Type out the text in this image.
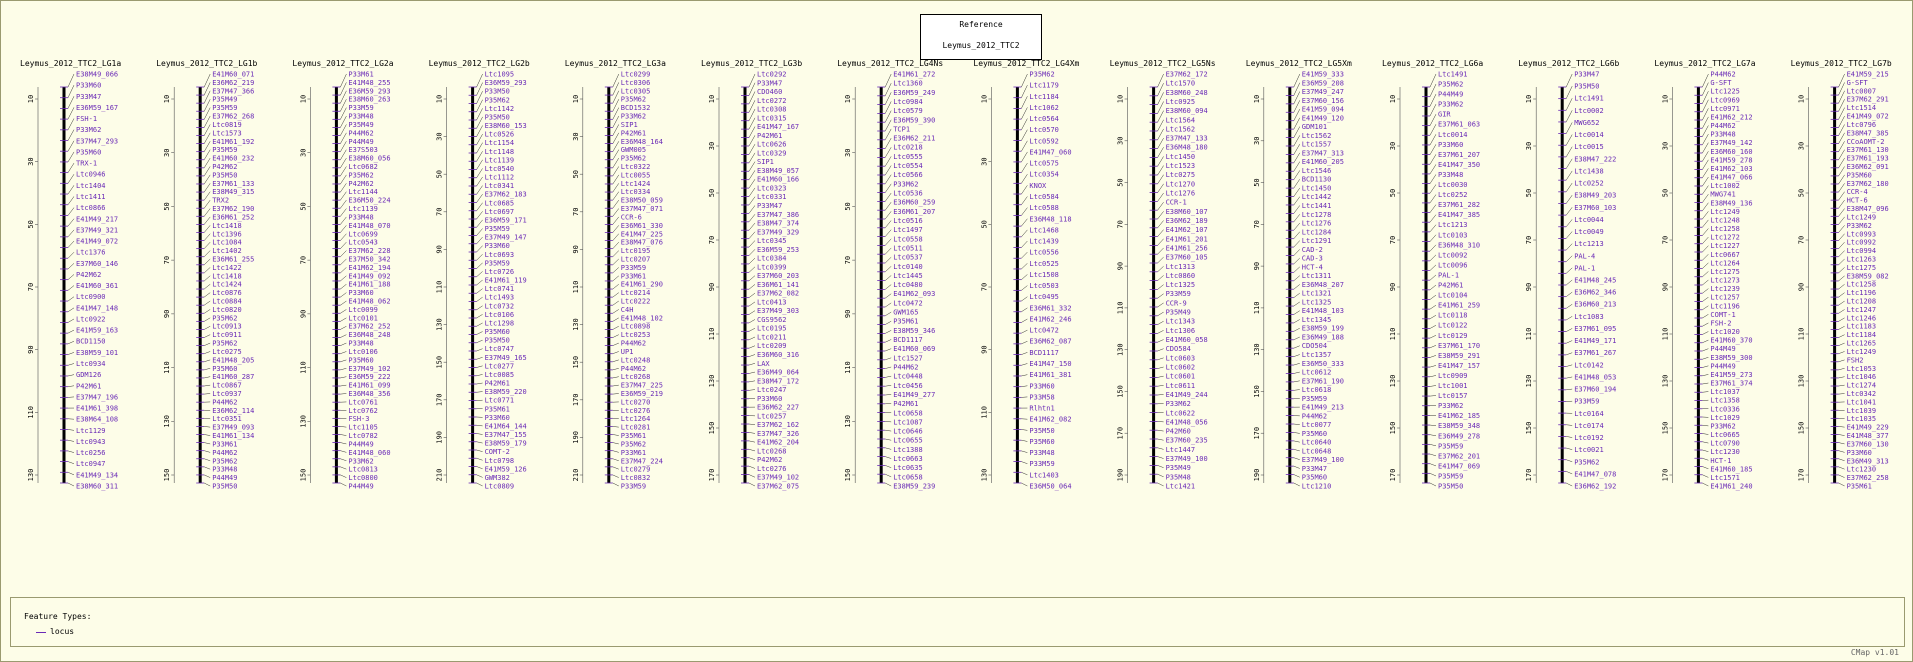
Reference
Leymus_2012_TTC2
Leymus_2012_TTC2_LG1a
10
30
50
70
90
110
130
E38M49_066
P33M60
P33M47
E36M59_167
FSH-1
P33M62
E37M47_293
P35M60
TRX-1
Ltc0946
Ltc1404
Ltc1411
Ltc0866
E41M49_217
E37M49_321
E41M49_072
Ltc1376
E37M60_146
P42M62
E41M60_361
Ltc0900
E41M47_148
Ltc0922
E41M59_163
BCD1150
E38M59_101
Ltc0934
GDM126
P42M61
E37M47_196
E41M61_398
E38M64_108
Ltc1129
Ltc0943
Ltc0256
Ltc0947
E41M49_134
E38M60_311
Leymus_2012_TTC2_LG1b
10
30
50
70
90
110
130
150
E41M60_071
E36M62_219
E37M47_366
P35M49
P35M59
E37M62_268
Ltc0819
Ltc1573
E41M61_192
P35M59
E41M60_232
P42M62
P35M50
E37M61_133
E38M49_315
TRX2
E37M62_190
E36M61_252
Ltc1418
Ltc1396
Ltc1084
Ltc1402
E36M61_255
Ltc1422
Ltc1418
Ltc1424
Ltc0876
Ltc0884
Ltc0820
P35M62
Ltc0913
Ltc0911
P35M62
Ltc0275
E41M48_205
P35M60
E41M60_287
Ltc0867
Ltc0937
P44M62
E36M62_114
Ltc0351
E37M49_093
E41M61_134
P33M61
P44M62
P35M62
P33M48
P44M49
P35M50
Leymus_2012_TTC2_LG2a
10
30
50
70
90
110
130
150
P33M61
E41M48_255
E36M59_293
E38M60_263
P33M59
P33M48
P35M49
P44M62
P44M49
E37S503
E38M60_056
Ltc0682
P35M62
P42M62
Ltc1144
E36M50_224
Ltc1139
P33M48
E41M48_070
Ltc0699
Ltc0543
E37M62_228
E37M50_342
E41M62_194
E41M49_092
E41M61_188
P33M60
E41M48_062
Ltc0099
Ltc0101
E37M62_252
E36M48_248
P33M48
Ltc0106
P35M60
E37M49_102
E36M59_222
E41M61_099
E36M48_356
Ltc0761
Ltc0762
FSH-3
Ltc1105
Ltc0782
P44M49
E41M48_060
P33M62
Ltc0813
Ltc0800
P44M49
Leymus_2012_TTC2_LG2b
10
30
50
70
90
110
130
150
170
190
210
Ltc1095
E36M59_293
P33M50
P35M62
Ltc1142
P35M50
E38M60_153
Ltc0526
Ltc1154
Ltc1148
Ltc1139
Ltc0540
Ltc1112
Ltc0341
E37M62_183
Ltc0685
Ltc0697
E36M59_171
P35M59
E37M49_147
P33M60
Ltc0693
P35M59
Ltc0726
E41M61_119
Ltc0741
Ltc1493
Ltc0732
Ltc0106
Ltc1298
P35M60
P35M50
Ltc0747
E37M49_165
Ltc0277
Ltc0085
P42M61
E38M59_220
Ltc0771
P35M61
P33M60
E41M64_144
E37M47_155
E38M59_179
COMT-2
Ltc0798
E41M59_126
GWM382
Ltc0809
Leymus_2012_TTC2_LG3a
10
30
50
70
90
110
130
150
170
190
210
Ltc0299
Ltc0306
Ltc0305
P35M62
BCD1532
P33M62
SIP1
P42M61
E36M48_164
GWM005
P35M62
Ltc0322
Ltc0055
Ltc1424
Ltc0334
E38M50_059
E37M47_071
CCR-6
E36M61_330
E41M47_225
E38M47_076
Ltc0195
Ltc0207
P33M59
P33M61
E41M61_290
Ltc0214
Ltc0222
C4H
E41M48_102
Ltc0898
Ltc0253
P44M62
UP1
Ltc0248
P44M62
Ltc0268
E37M47_225
E36M59_219
Ltc0270
Ltc0276
Ltc1264
Ltc0281
P35M61
P35M62
P33M61
E37M47_224
Ltc0279
Ltc0832
P33M59
Leymus_2012_TTC2_LG3b
10
30
50
70
90
110
130
150
170
Ltc0292
P33M47
CDO460
Ltc0272
Ltc0308
Ltc0315
E41M47_167
P42M61
Ltc0626
Ltc0329
SIP1
E38M49_057
E41M60_166
Ltc0323
Ltc0331
P33M47
E37M47_386
E38M47_374
E37M49_329
Ltc0345
E36M59_253
Ltc0384
Ltc0399
E37M60_203
E36M61_141
E37M62_082
Ltc0413
E37M49_303
CGS9562
Ltc0195
Ltc0211
Ltc0209
E36M60_316
LAX
E36M49_064
E38M47_172
Ltc0247
P33M60
E36M62_227
Ltc0257
E37M62_162
E37M47_326
E41M62_204
Ltc0268
P42M62
Ltc0276
E37M49_102
E37M62_075
Leymus_2012_TTC2_LG4Ns
10
30
50
70
90
110
130
150
E41M61_272
Ltc1360
E36M59_249
Ltc0984
Ltc0579
E36M59_390
TCP1
E36M62_211
Ltc0218
Ltc0555
Ltc0554
Ltc0566
P33M62
Ltc0536
E36M60_259
E36M61_207
Ltc0516
Ltc1497
Ltc0558
Ltc0511
Ltc0537
Ltc0140
Ltc1445
Ltc0480
E41M62_093
Ltc0472
GWM165
P35M61
E38M59_346
BCD1117
E41M60_069
Ltc1527
P44M62
Ltc0448
Ltc0456
E41M49_277
P42M61
Ltc0658
Ltc1087
Ltc0646
Ltc0655
Ltc1388
Ltc0663
Ltc0635
Ltc0658
E38M59_239
Leymus_2012_TTC2_LG4Xm
10
30
50
70
90
110
130
P35M62
Ltc1179
Ltc1184
Ltc1062
Ltc0564
Ltc0570
Ltc0592
E41M47_060
Ltc0575
Ltc0354
KNOX
Ltc0584
Ltc0588
E36M48_118
Ltc1468
Ltc1439
Ltc0556
Ltc0525
Ltc1508
Ltc0503
Ltc0495
E36M61_332
E41M62_246
Ltc0472
E36M62_087
BCD1117
E41M47_150
E41M61_381
P33M60
P33M58
Rlhtn1
E41M62_082
P35M50
P35M60
P33M48
P33M59
Ltc1403
E36M50_064
Leymus_2012_TTC2_LG5Ns
10
30
50
70
90
110
130
150
170
190
E37M62_172
Ltc1570
E38M60_248
Ltc0925
E38M60_094
Ltc1564
Ltc1562
E37M47_133
E36M48_180
Ltc1450
Ltc1523
Ltc0275
Ltc1270
Ltc1276
CCR-1
E38M60_107
E36M62_189
E41M62_107
E41M61_201
E41M61_256
E37M60_105
Ltc1313
Ltc0860
Ltc1325
P33M59
CCR-9
P35M49
Ltc1343
Ltc1306
E41M60_058
CDO584
Ltc0603
Ltc0602
Ltc0601
Ltc0611
E41M49_244
P33M62
Ltc0622
E41M48_056
P42M60
E37M60_235
Ltc1447
E37M49_100
P35M49
P35M48
Ltc1421
Leymus_2012_TTC2_LG5Xm
10
30
50
70
90
110
130
150
170
190
E41M59_333
E36M59_208
E37M49_247
E37M60_156
E41M59_094
E41M49_120
GDM101
Ltc1562
Ltc1557
E37M47_313
E41M60_205
Ltc1546
BCD1130
Ltc1450
Ltc1442
Ltc1441
Ltc1278
Ltc1276
Ltc1284
Ltc1291
CAD-2
CAD-3
HCT-4
Ltc1311
E36M48_207
Ltc1321
Ltc1325
E41M48_103
Ltc1345
E38M59_199
E36M49_188
CDO504
Ltc1357
E36M50_333
Ltc0612
E37M61_190
Ltc0618
P35M59
E41M49_213
P44M62
Ltc0077
P35M60
Ltc0640
Ltc0648
E37M49_100
P33M47
P35M60
Ltc1210
Leymus_2012_TTC2_LG6a
10
30
50
70
90
110
130
150
170
Ltc1491
P35M62
P44M49
P33M62
GIR
E37M61_063
Ltc0014
P33M60
E37M61_207
E41M47_350
P33M48
Ltc0030
Ltc0252
E37M61_282
E41M47_385
Ltc1213
Ltc0103
E36M48_310
Ltc0092
Ltc0096
PAL-1
P42M61
Ltc0104
E41M61_259
Ltc0118
Ltc0122
Ltc0129
E37M61_170
E38M59_291
E41M47_157
Ltc0909
Ltc1001
Ltc0157
P33M62
E41M62_185
E38M59_348
E36M49_278
P35M59
E37M62_201
E41M47_069
P35M59
P35M50
Leymus_2012_TTC2_LG6b
10
30
50
70
90
110
130
150
170
P33M47
P35M50
Ltc1491
Ltc0002
MWG652
Ltc0014
Ltc0015
E38M47_222
Ltc1438
Ltc0252
E38M49_203
E37M60_103
Ltc0044
Ltc0049
Ltc1213
PAL-4
PAL-1
E41M48_245
E36M62_346
E36M60_213
Ltc1083
E37M61_095
E41M49_171
E37M61_267
Ltc0142
E41M48_053
E37M60_194
P33M59
Ltc0164
Ltc0174
Ltc0192
Ltc0021
P35M62
E41M47_078
E36M62_192
Leymus_2012_TTC2_LG7a
10
30
50
70
90
110
130
150
170
P44M62
G-SFT
Ltc1225
Ltc0969
Ltc0971
E41M62_212
P44M62
P33M48
E37M49_142
E36M60_160
E41M59_278
E41M62_103
E41M47_066
Ltc1002
MWG741
E38M49_136
Ltc1249
Ltc1248
Ltc1258
Ltc1272
Ltc1227
Ltc0667
Ltc1264
Ltc1275
Ltc1273
Ltc1239
Ltc1257
Ltc1196
COMT-1
FSH-2
Ltc1020
E41M60_370
P44M49
E38M59_300
P44M49
E41M59_273
E37M61_374
Ltc1037
Ltc1358
Ltc0336
Ltc1029
P33M62
Ltc0665
Ltc0790
Ltc1230
HCT-1
E41M60_185
Ltc1571
E41M61_240
Leymus_2012_TTC2_LG7b
10
30
50
70
90
110
130
150
170
E41M59_215
G-SFT
Ltc0007
E37M62_291
Ltc1514
E41M49_072
Ltc0796
E38M47_385
CCoAOMT-2
E37M61_130
E37M61_193
E36M62_091
P35M60
E37M62_180
CCR-4
HCT-6
E38M47_096
Ltc1249
P33M62
Ltc0993
Ltc0992
Ltc0994
Ltc1263
Ltc1275
E38M59_082
Ltc1258
Ltc1196
Ltc1208
Ltc1247
Ltc1246
Ltc1183
Ltc1184
Ltc1265
Ltc1249
FSH2
Ltc1053
Ltc1046
Ltc1274
Ltc0342
Ltc1041
Ltc1039
Ltc1035
E41M49_229
E41M48_377
E37M60_130
P33M60
E36M49_313
Ltc1230
E37M62_258
P35M61
Feature Types:
locus
CMap v1.01
